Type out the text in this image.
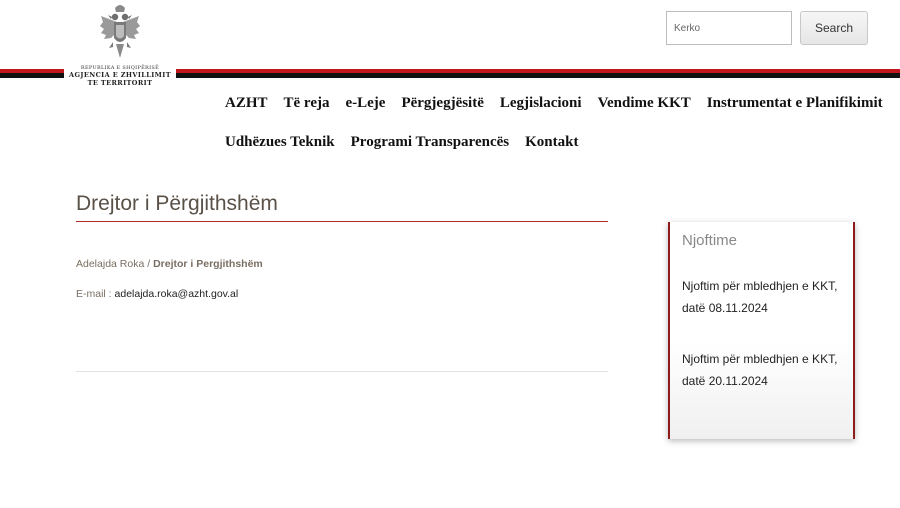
REPUBLIKA E SHQIPËRISË
AGJENCIA E ZHVILLIMIT
TE TERRITORIT
Kerko
Search
AZHT Të reja e-Leje Përgjegjësitë Legjislacioni Vendime KKT Instrumentat e Planifikimit
Udhëzues Teknik Programi Transparencës Kontakt
Drejtor i Përgjithshëm
Adelajda Roka / Drejtor i Pergjithshëm
E-mail : adelajda.roka@azht.gov.al
Njoftime
Njoftim për mbledhjen e KKT, datë 08.11.2024
Njoftim për mbledhjen e KKT, datë 20.11.2024
